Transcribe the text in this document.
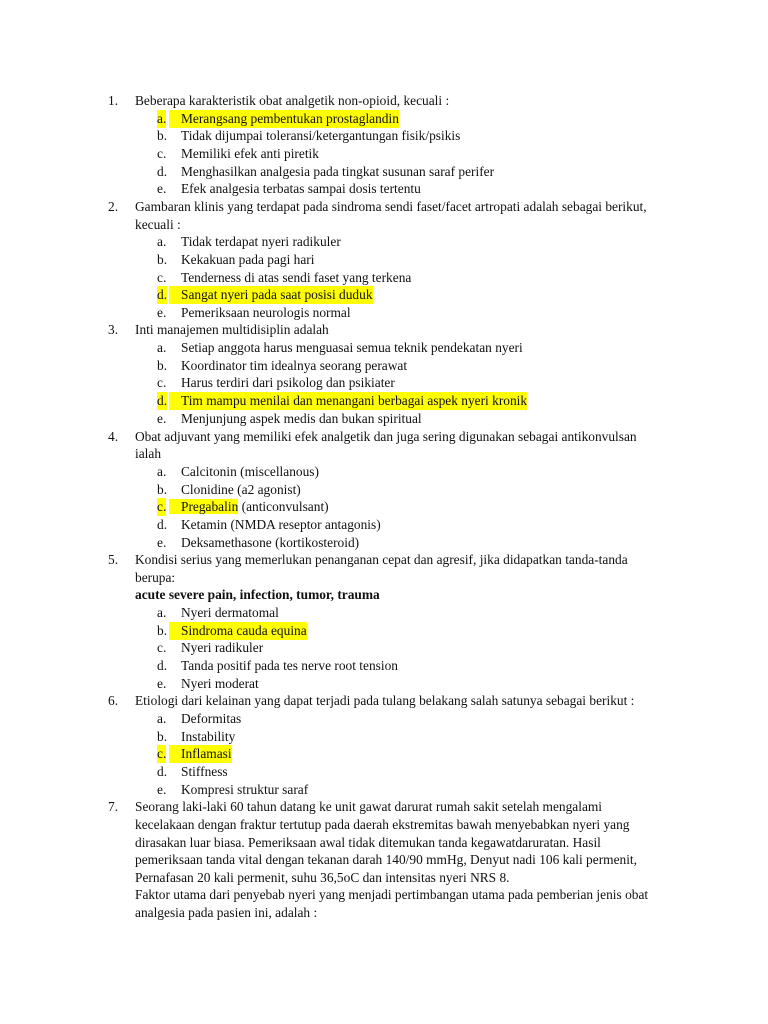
1. Beberapa karakteristik obat analgetik non-opioid, kecuali :
a.	Merangsang pembentukan prostaglandin
b. Tidak dijumpai toleransi/ketergantungan fisik/psikis
c. Memiliki efek anti piretik
d. Menghasilkan analgesia pada tingkat susunan saraf perifer
e. Efek analgesia terbatas sampai dosis tertentu
2. Gambaran klinis yang terdapat pada sindroma sendi faset/facet artropati adalah sebagai berikut,
kecuali :
a. Tidak terdapat nyeri radikuler
b. Kekakuan pada pagi hari
c. Tenderness di atas sendi faset yang terkena
d.	Sangat nyeri pada saat posisi duduk
e. Pemeriksaan neurologis normal
3. Inti manajemen multidisiplin adalah
a. Setiap anggota harus menguasai semua teknik pendekatan nyeri
b. Koordinator tim idealnya seorang perawat
c. Harus terdiri dari psikolog dan psikiater
d.	Tim mampu menilai dan menangani berbagai aspek nyeri kronik
e. Menjunjung aspek medis dan bukan spiritual
4. Obat adjuvant yang memiliki efek analgetik dan juga sering digunakan sebagai antikonvulsan
ialah
a. Calcitonin (miscellanous)
b. Clonidine (a2 agonist)
c. Pregabalin (anticonvulsant)
d. Ketamin (NMDA reseptor antagonis)
e. Deksamethasone (kortikosteroid)
5. Kondisi serius yang memerlukan penanganan cepat dan agresif, jika didapatkan tanda-tanda
berupa:
acute severe pain, infection, tumor, trauma
a. Nyeri dermatomal
b.	Sindroma cauda equina
c. Nyeri radikuler
d. Tanda positif pada tes nerve root tension
e. Nyeri moderat
6. Etiologi dari kelainan yang dapat terjadi pada tulang belakang salah satunya sebagai berikut :
a. Deformitas
b. Instability
c.	Inflamasi
d. Stiffness
e. Kompresi struktur saraf
7. Seorang laki-laki 60 tahun datang ke unit gawat darurat rumah sakit setelah mengalami
kecelakaan dengan fraktur tertutup pada daerah ekstremitas bawah menyebabkan nyeri yang
dirasakan luar biasa. Pemeriksaan awal tidak ditemukan tanda kegawatdaruratan. Hasil
pemeriksaan tanda vital dengan tekanan darah 140/90 mmHg, Denyut nadi 106 kali permenit,
Pernafasan 20 kali permenit, suhu 36,5oC dan intensitas nyeri NRS 8.
Faktor utama dari penyebab nyeri yang menjadi pertimbangan utama pada pemberian jenis obat
analgesia pada pasien ini, adalah :
